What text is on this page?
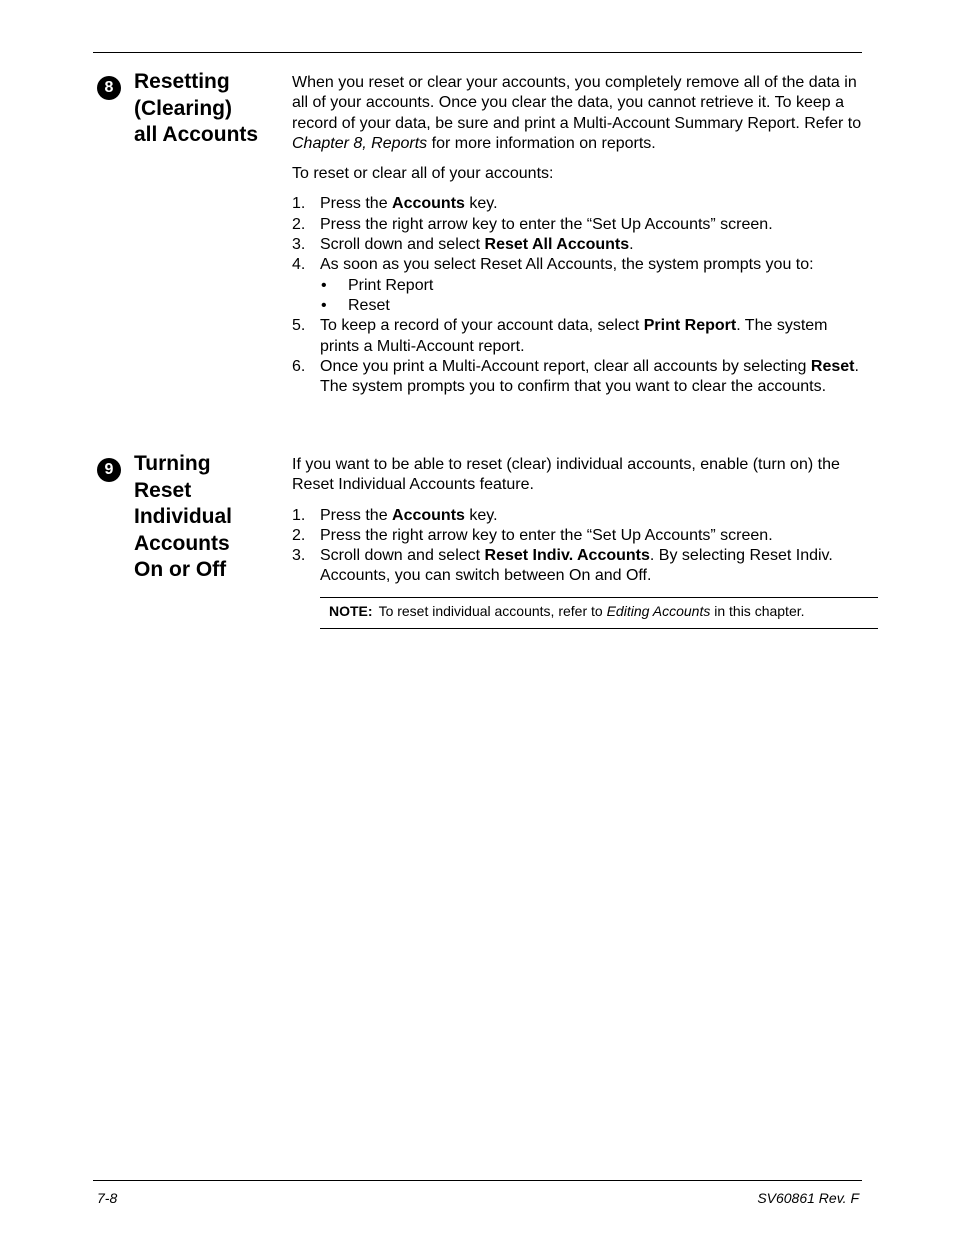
8 Resetting
(Clearing)
all Accounts

When you reset or clear your accounts, you completely remove all of the data in all of your accounts. Once you clear the data, you cannot retrieve it. To keep a record of your data, be sure and print a Multi-Account Summary Report. Refer to Chapter 8, Reports for more information on reports.

To reset or clear all of your accounts:

1. Press the Accounts key.
2. Press the right arrow key to enter the “Set Up Accounts” screen.
3. Scroll down and select Reset All Accounts.
4. As soon as you select Reset All Accounts, the system prompts you to:
• Print Report
• Reset
5. To keep a record of your account data, select Print Report. The system prints a Multi-Account report.
6. Once you print a Multi-Account report, clear all accounts by selecting Reset. The system prompts you to confirm that you want to clear the accounts.
9 Turning
Reset
Individual
Accounts
On or Off

If you want to be able to reset (clear) individual accounts, enable (turn on) the Reset Individual Accounts feature.

1. Press the Accounts key.
2. Press the right arrow key to enter the “Set Up Accounts” screen.
3. Scroll down and select Reset Indiv. Accounts. By selecting Reset Indiv. Accounts, you can switch between On and Off.
NOTE: To reset individual accounts, refer to Editing Accounts in this chapter.
7-8	SV60861 Rev. F
